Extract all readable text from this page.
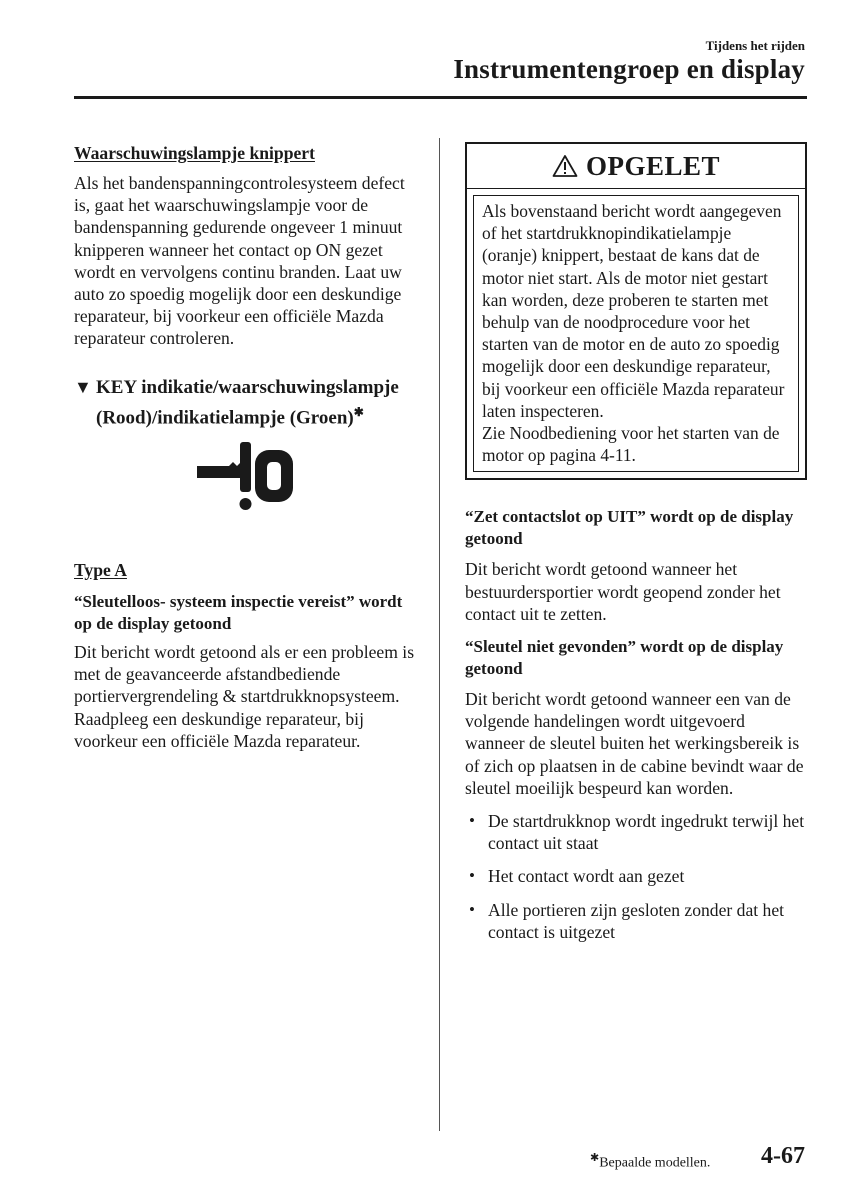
Tijdens het rijden
Instrumentengroep en display

Waarschuwingslampje knippert

Als het bandenspanningcontrolesysteem defect is, gaat het waarschuwingslampje voor de bandenspanning gedurende ongeveer 1 minuut knipperen wanneer het contact op ON gezet wordt en vervolgens continu branden. Laat uw auto zo spoedig mogelijk door een deskundige reparateur, bij voorkeur een officiële Mazda reparateur controleren.

▼ KEY indikatie/waarschuwingslampje
(Rood)/indikatielampje (Groen)✱

Type A

“Sleutelloos- systeem inspectie vereist” wordt op de display getoond

Dit bericht wordt getoond als er een probleem is met de geavanceerde afstandbediende portiervergrendeling & startdrukknopsysteem.

Raadpleeg een deskundige reparateur, bij voorkeur een officiële Mazda reparateur.

OPGELET
Als bovenstaand bericht wordt aangegeven of het startdrukknopindikatielampje (oranje) knippert, bestaat de kans dat de motor niet start. Als de motor niet gestart kan worden, deze proberen te starten met behulp van de noodprocedure voor het starten van de motor en de auto zo spoedig mogelijk door een deskundige reparateur, bij voorkeur een officiële Mazda reparateur laten inspecteren.
Zie Noodbediening voor het starten van de motor op pagina 4-11.

“Zet contactslot op UIT” wordt op de display getoond

Dit bericht wordt getoond wanneer het bestuurdersportier wordt geopend zonder het contact uit te zetten.

“Sleutel niet gevonden” wordt op de display getoond

Dit bericht wordt getoond wanneer een van de volgende handelingen wordt uitgevoerd wanneer de sleutel buiten het werkingsbereik is of zich op plaatsen in de cabine bevindt waar de sleutel moeilijk bespeurd kan worden.

• De startdrukknop wordt ingedrukt terwijl het contact uit staat
• Het contact wordt aan gezet
• Alle portieren zijn gesloten zonder dat het contact is uitgezet
✱Bepaalde modellen. 4-67
